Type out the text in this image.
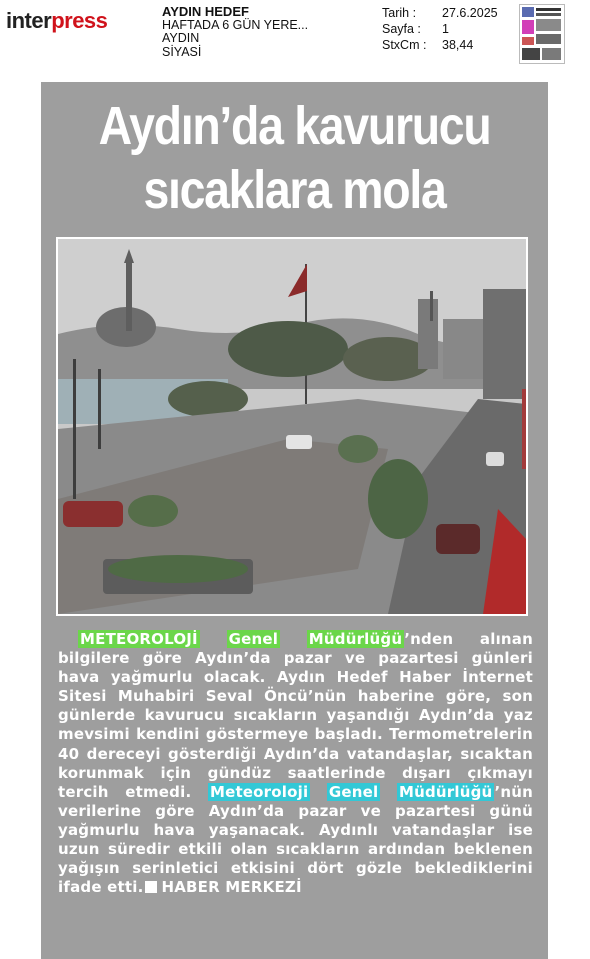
interpress	AYDIN HEDEF
HAFTADA 6 GÜN YERE...
AYDIN
SİYASİ
Tarih :	27.6.2025
Sayfa :	1
StxCm :	38,44
Aydın’da kavurucu
sıcaklara mola
METEOROLOJİ Genel Müdürlüğü ’nden alınan bilgilere göre Aydın’da pazar ve pazartesi günleri hava yağmurlu olacak. Aydın Hedef Haber İnternet Sitesi Muhabiri Seval Öncü’nün haberine göre, son günlerde kavurucu sıcakların yaşandığı Aydın’da yaz mevsimi kendini göstermeye başladı. Termometrelerin 40 dereceyi gösterdiği Aydın’da vatandaşlar, sıcaktan korunmak için gündüz saatlerinde dışarı çıkmayı tercih etmedi. Meteoroloji Genel Müdürlüğü ’nün verilerine göre Aydın’da pazar ve pazartesi günü yağmurlu hava yaşanacak. Aydınlı vatandaşlar ise uzun süredir etkili olan sıcakların ardından beklenen yağışın serinletici etkisini dört gözle beklediklerini ifade etti. HABER MERKEZİ
